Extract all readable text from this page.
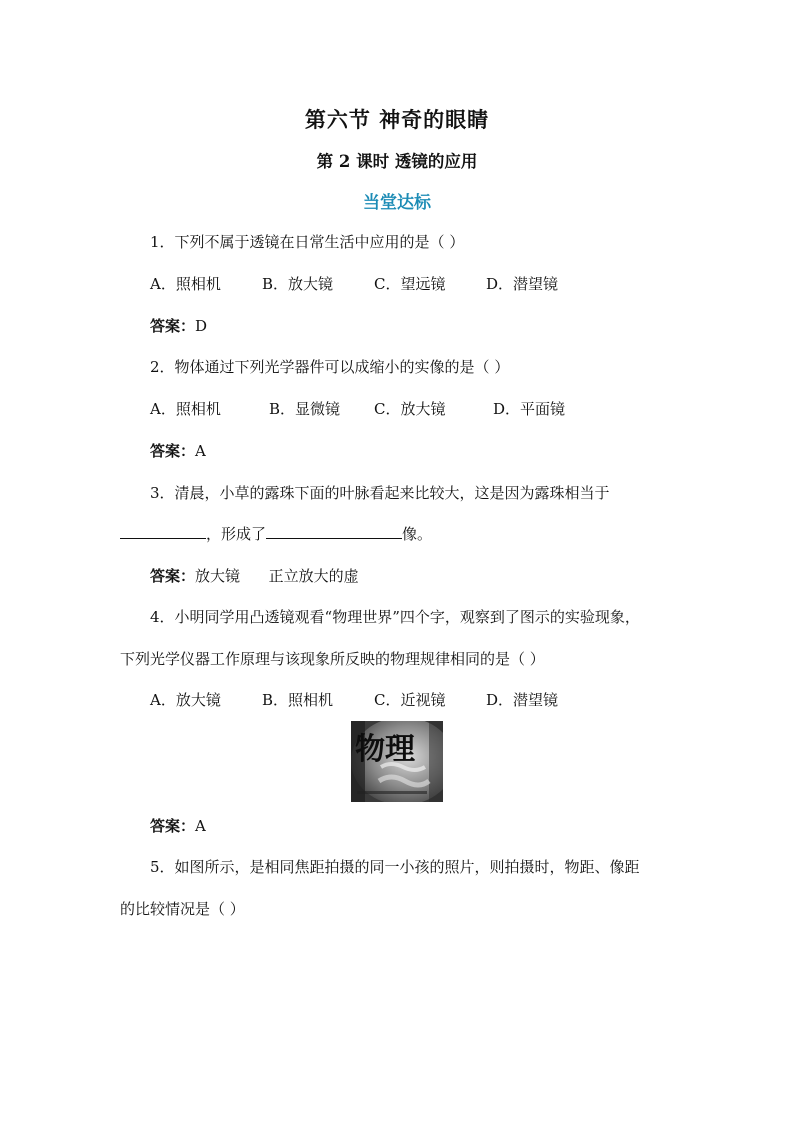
第六节 神奇的眼睛
第 2 课时 透镜的应用
当堂达标
1．下列不属于透镜在日常生活中应用的是（ ）
A．照相机	B．放大镜	C．望远镜	D．潜望镜
答案：D
2．物体通过下列光学器件可以成缩小的实像的是（ ）
A．照相机	B．显微镜 C．放大镜	D．平面镜
答案：A
3．清晨，小草的露珠下面的叶脉看起来比较大，这是因为露珠相当于
，形成了	像。
答案：放大镜      正立放大的虚
4．小明同学用凸透镜观看“物理世界”四个字，观察到了图示的实验现象，
下列光学仪器工作原理与该现象所反映的物理规律相同的是（ ）
A．放大镜	B．照相机	C．近视镜	D．潜望镜
物理
答案：A
5．如图所示，是相同焦距拍摄的同一小孩的照片，则拍摄时，物距、像距
的比较情况是（ ）
